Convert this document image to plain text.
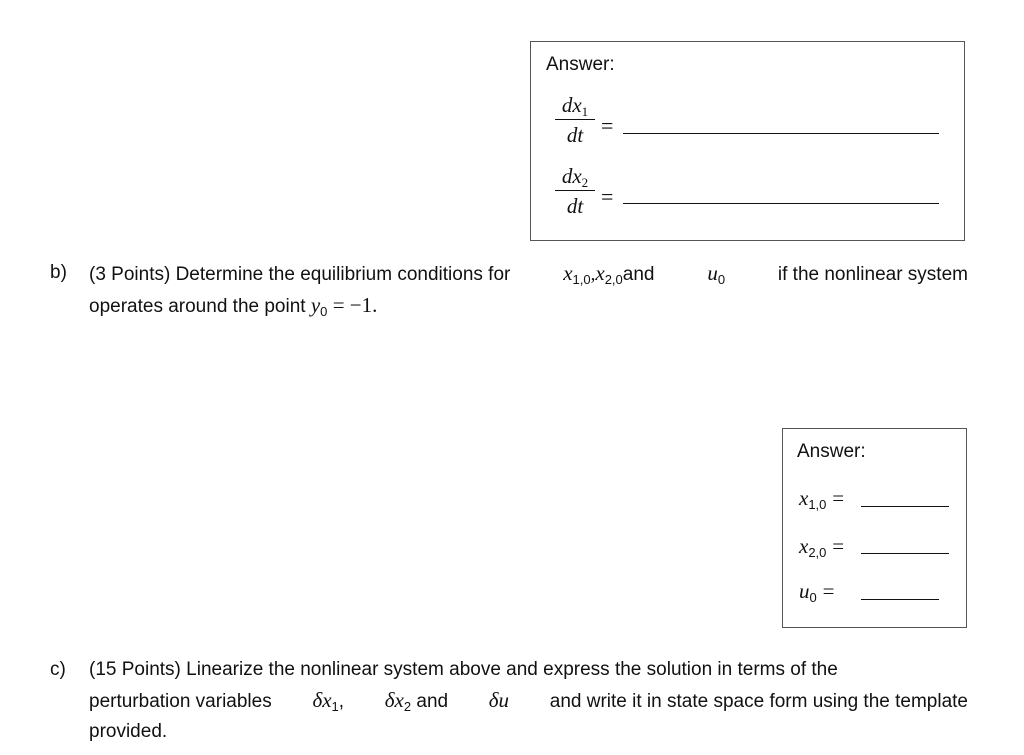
Answer:
$dx_1$
dt =
$dx_2$
dt =
b) (3 Points) Determine the equilibrium conditions for	$x_{1,0},x_{2,0}and$	$u_0$	if the nonlinear system
operates around the point $y_0 = -1$.
Answer:
$x_{1,0}$ =
$x_{2,0}$ =
$u_0$ =
c) (15 Points) Linearize the nonlinear system above and express the solution in terms of the
perturbation variables $\delta x_1$, $\delta x_2$ and δu and write it in state space form using the template
provided.
